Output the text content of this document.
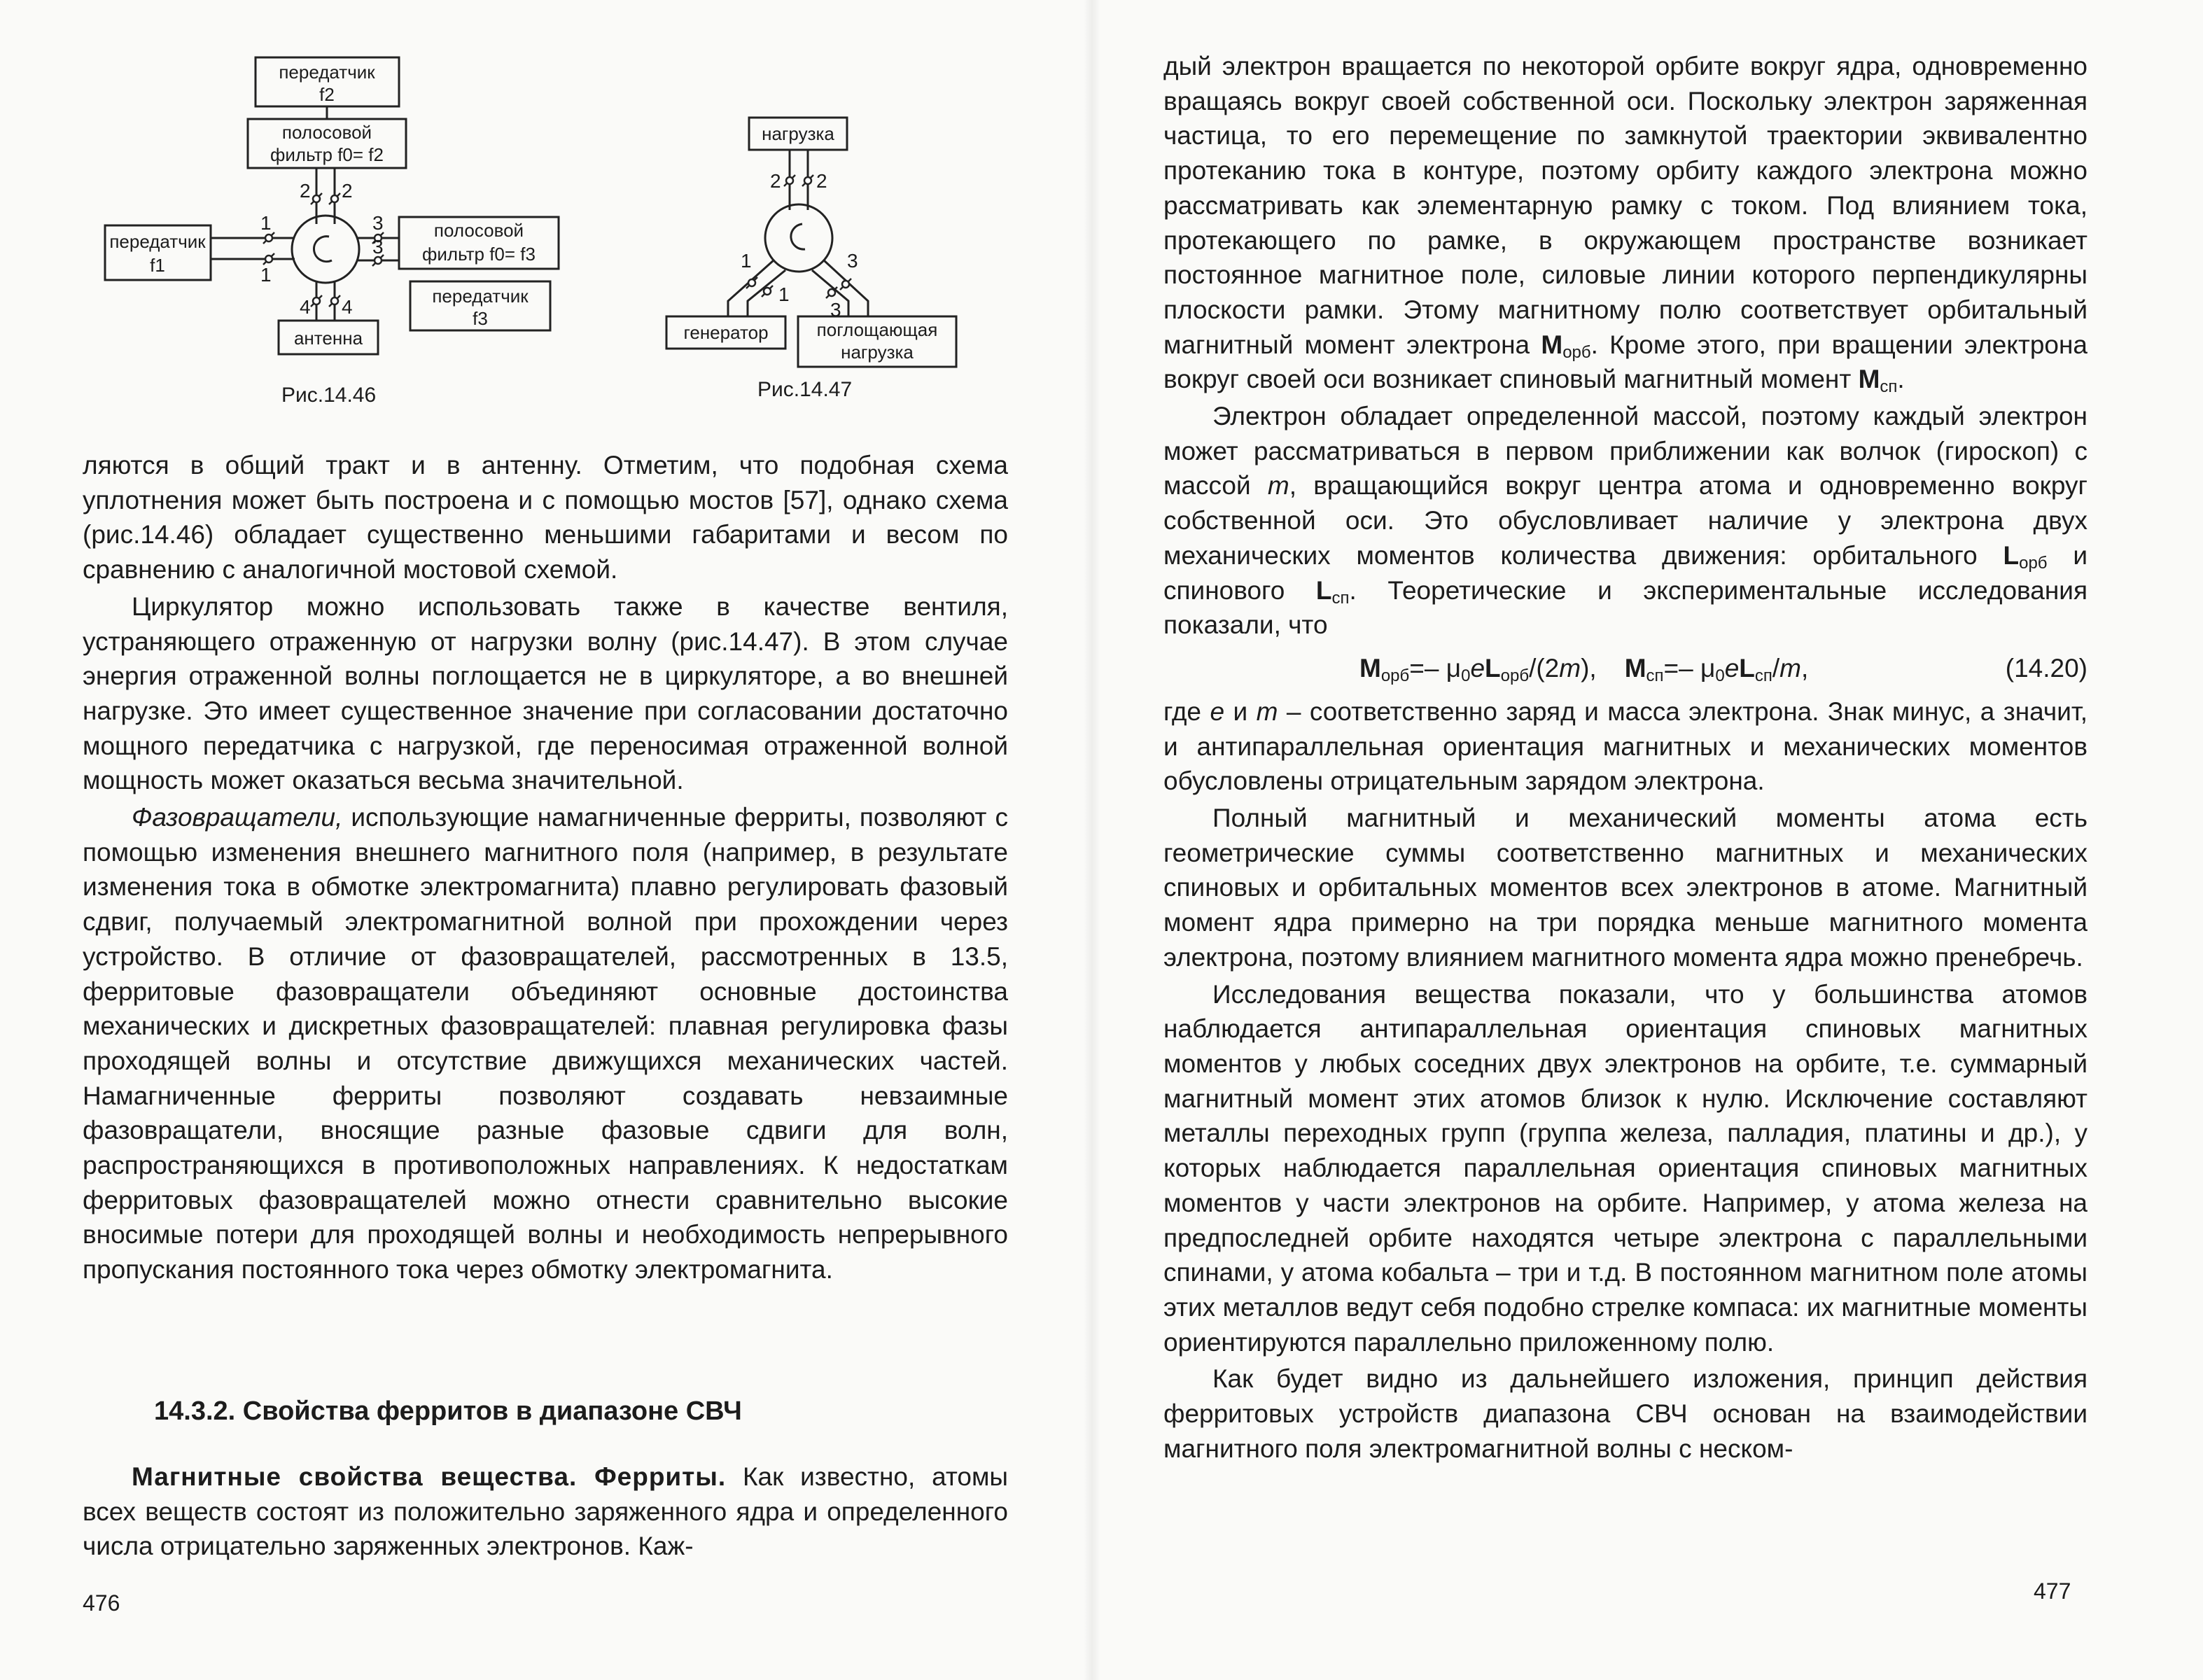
передатчик
f2
полосовой
фильтр f0= f2
передатчик
f1
полосовой
фильтр f0= f3
передатчик
f3
антенна
2 2
1
1
3
3
4 4
Рис.14.46
нагрузка
генератор	поглощающая
нагрузка
2 2
1
1
3
3
Рис.14.47

ляются в общий тракт и в антенну. Отметим, что подобная схема уплотнения может быть построена и с помощью мостов [57], однако схема (рис.14.46) обладает существенно меньшими габаритами и весом по сравнению с аналогичной мостовой схемой.

Циркулятор можно использовать также в качестве вентиля, устраняющего отраженную от нагрузки волну (рис.14.47). В этом случае энергия отраженной волны поглощается не в циркуляторе, а во внешней нагрузке. Это имеет существенное значение при согласовании достаточно мощного передатчика с нагрузкой, где переносимая отраженной волной мощность может оказаться весьма значительной.

Фазовращатели, использующие намагниченные ферриты, позволяют с помощью изменения внешнего магнитного поля (например, в результате изменения тока в обмотке электромагнита) плавно регулировать фазовый сдвиг, получаемый электромагнитной волной при прохождении через устройство. В отличие от фазовращателей, рассмотренных в 13.5, ферритовые фазовращатели объединяют основные достоинства механических и дискретных фазовращателей: плавная регулировка фазы проходящей волны и отсутствие движущихся механических частей. Намагниченные ферриты позволяют создавать невзаимные фазовращатели, вносящие разные фазовые сдвиги для волн, распространяющихся в противоположных направлениях. К недостаткам ферритовых фазовращателей можно отнести сравнительно высокие вносимые потери для проходящей волны и необходимость непрерывного пропускания постоянного тока через обмотку электромагнита.

14.3.2. Свойства ферритов в диапазоне СВЧ

Магнитные свойства вещества. Ферриты. Как известно, атомы всех веществ состоят из положительно заряженного ядра и определенного числа отрицательно заряженных электронов. Каж-

476

дый электрон вращается по некоторой орбите вокруг ядра, одновременно вращаясь вокруг своей собственной оси. Поскольку электрон заряженная частица, то его перемещение по замкнутой траектории эквивалентно протеканию тока в контуре, поэтому орбиту каждого электрона можно рассматривать как элементарную рамку с током. Под влиянием тока, протекающего по рамке, в окружающем пространстве возникает постоянное магнитное поле, силовые линии которого перпендикулярны плоскости рамки. Этому магнитному полю соответствует орбитальный магнитный момент электрона $M_{орб}$. Кроме этого, при вращении электрона вокруг своей оси возникает спиновый магнитный момент $M_{сп}$.

Электрон обладает определенной массой, поэтому каждый электрон может рассматриваться в первом приближении как волчок (гироскоп) с массой m, вращающийся вокруг центра атома и одновременно вокруг собственной оси. Это обусловливает наличие у электрона двух механических моментов количества движения: орбитального $L_{орб}$ и спинового $L_{сп}$. Теоретические и экспериментальные исследования показали, что

$M_{орб}=-$ $\mu_0eL_{орб}/(2m)$, $M_{сп}=-$ $\mu_0eL_{сп}/m$,	(14.20)

где e и m – соответственно заряд и масса электрона. Знак минус, а значит, и антипараллельная ориентация магнитных и механических моментов обусловлены отрицательным зарядом электрона.

Полный магнитный и механический моменты атома есть геометрические суммы соответственно магнитных и механических спиновых и орбитальных моментов всех электронов в атоме. Магнитный момент ядра примерно на три порядка меньше магнитного момента электрона, поэтому влиянием магнитного момента ядра можно пренебречь.

Исследования вещества показали, что у большинства атомов наблюдается антипараллельная ориентация спиновых магнитных моментов у любых соседних двух электронов на орбите, т.е. суммарный магнитный момент этих атомов близок к нулю. Исключение составляют металлы переходных групп (группа железа, палладия, платины и др.), у которых наблюдается параллельная ориентация спиновых магнитных моментов у части электронов на орбите. Например, у атома железа на предпоследней орбите находятся четыре электрона с параллельными спинами, у атома кобальта – три и т.д. В постоянном магнитном поле атомы этих металлов ведут себя подобно стрелке компаса: их магнитные моменты ориентируются параллельно приложенному полю.

Как будет видно из дальнейшего изложения, принцип действия ферритовых устройств диапазона СВЧ основан на взаимодействии магнитного поля электромагнитной волны с неском-

477
